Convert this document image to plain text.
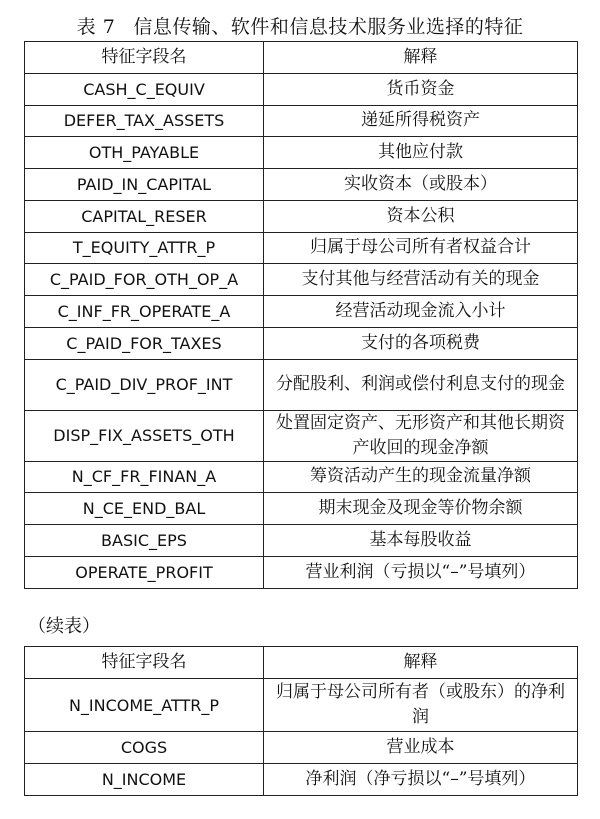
表 7 信息传输、软件和信息技术服务业选择的特征
特征字段名	解释
CASH_C_EQUIV	货币资金
DEFER_TAX_ASSETS	递延所得税资产
OTH_PAYABLE	其他应付款
PAID_IN_CAPITAL	实收资本（或股本）
CAPITAL_RESER	资本公积
T_EQUITY_ATTR_P	归属于母公司所有者权益合计
C_PAID_FOR_OTH_OP_A	支付其他与经营活动有关的现金
C_INF_FR_OPERATE_A	经营活动现金流入小计
C_PAID_FOR_TAXES	支付的各项税费
C_PAID_DIV_PROF_INT	分配股利、利润或偿付利息支付的现金
DISP_FIX_ASSETS_OTH	处置固定资产、无形资产和其他长期资产收回的现金净额
N_CF_FR_FINAN_A	筹资活动产生的现金流量净额
N_CE_END_BAL	期末现金及现金等价物余额
BASIC_EPS	基本每股收益
OPERATE_PROFIT	营业利润（亏损以“–”号填列）
（续表）
特征字段名	解释
N_INCOME_ATTR_P	归属于母公司所有者（或股东）的净利润
COGS	营业成本
N_INCOME	净利润（净亏损以“–”号填列）
